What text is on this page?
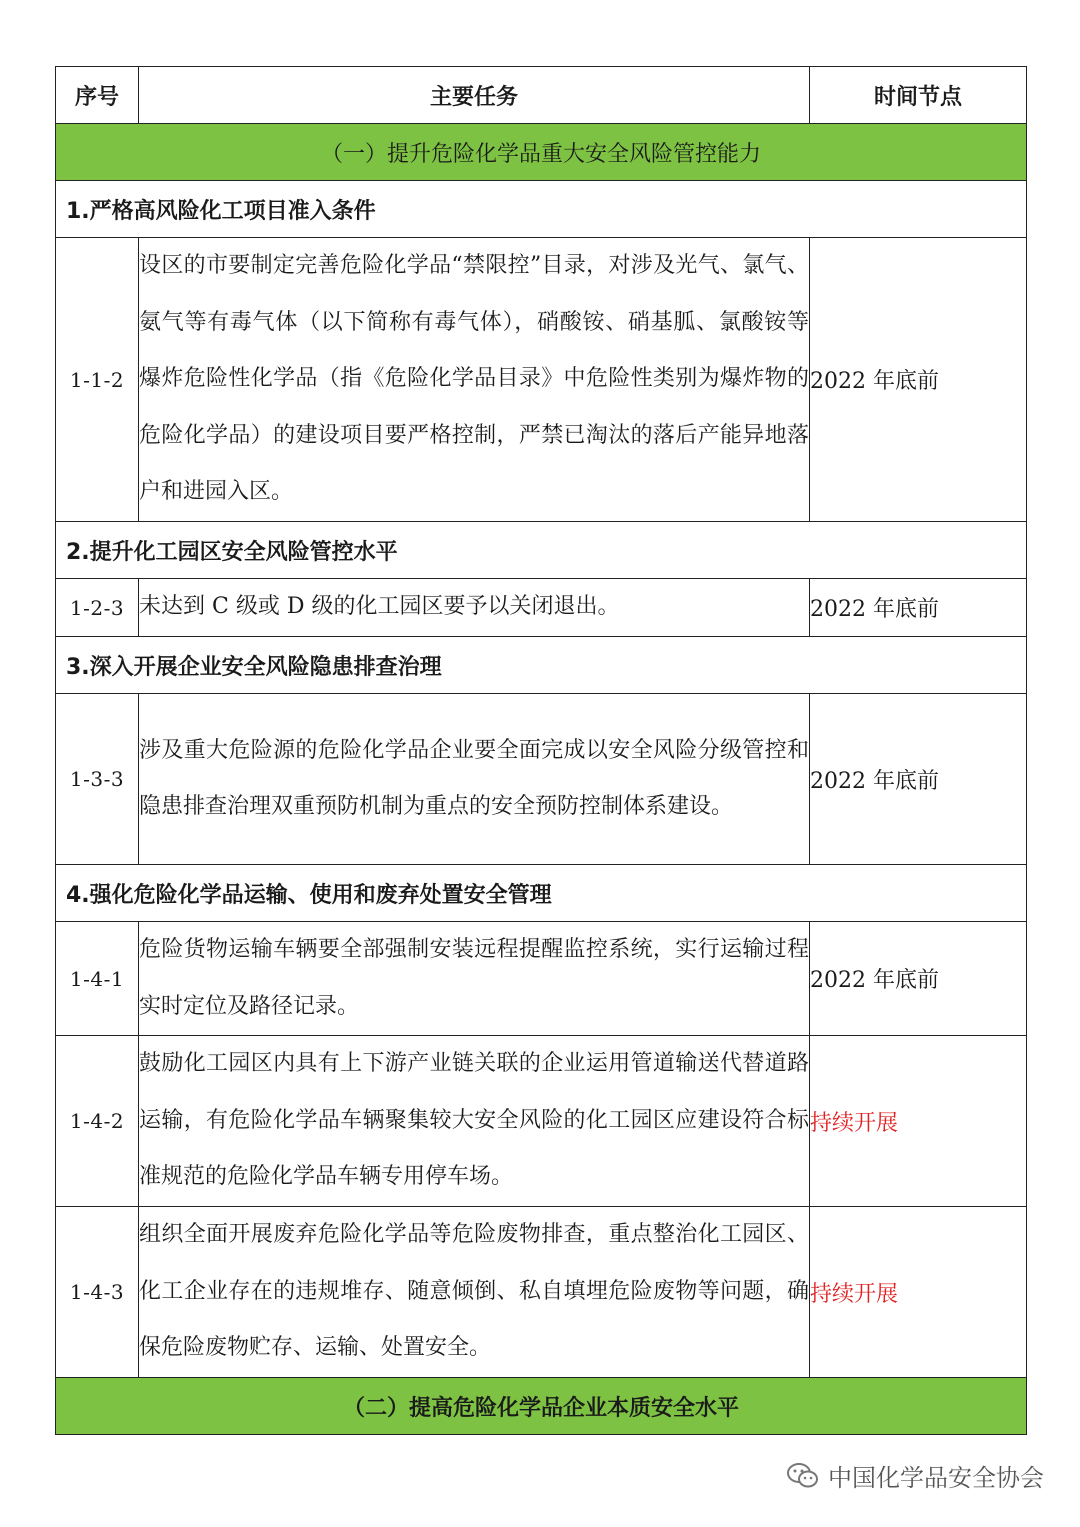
序号	主要任务	时间节点
（一）提升危险化学品重大安全风险管控能力		
1.严格高风险化工项目准入条件		
1-1-2	设区的市要制定完善危险化学品“禁限控”目录，对涉及光气、氯气、氨气等有毒气体（以下简称有毒气体），硝酸铵、硝基胍、氯酸铵等爆炸危险性化学品（指《危险化学品目录》中危险性类别为爆炸物的危险化学品）的建设项目要严格控制，严禁已淘汰的落后产能异地落户和进园入区。	2022 年底前
2.提升化工园区安全风险管控水平		
1-2-3	未达到 C 级或 D 级的化工园区要予以关闭退出。	2022 年底前
3.深入开展企业安全风险隐患排查治理		
1-3-3	涉及重大危险源的危险化学品企业要全面完成以安全风险分级管控和隐患排查治理双重预防机制为重点的安全预防控制体系建设。	2022 年底前
4.强化危险化学品运输、使用和废弃处置安全管理		
1-4-1	危险货物运输车辆要全部强制安装远程提醒监控系统，实行运输过程实时定位及路径记录。	2022 年底前
1-4-2	鼓励化工园区内具有上下游产业链关联的企业运用管道输送代替道路运输，有危险化学品车辆聚集较大安全风险的化工园区应建设符合标准规范的危险化学品车辆专用停车场。	持续开展
1-4-3	组织全面开展废弃危险化学品等危险废物排查，重点整治化工园区、化工企业存在的违规堆存、随意倾倒、私自填埋危险废物等问题，确保危险废物贮存、运输、处置安全。	持续开展
（二）提高危险化学品企业本质安全水平		
中国化学品安全协会
